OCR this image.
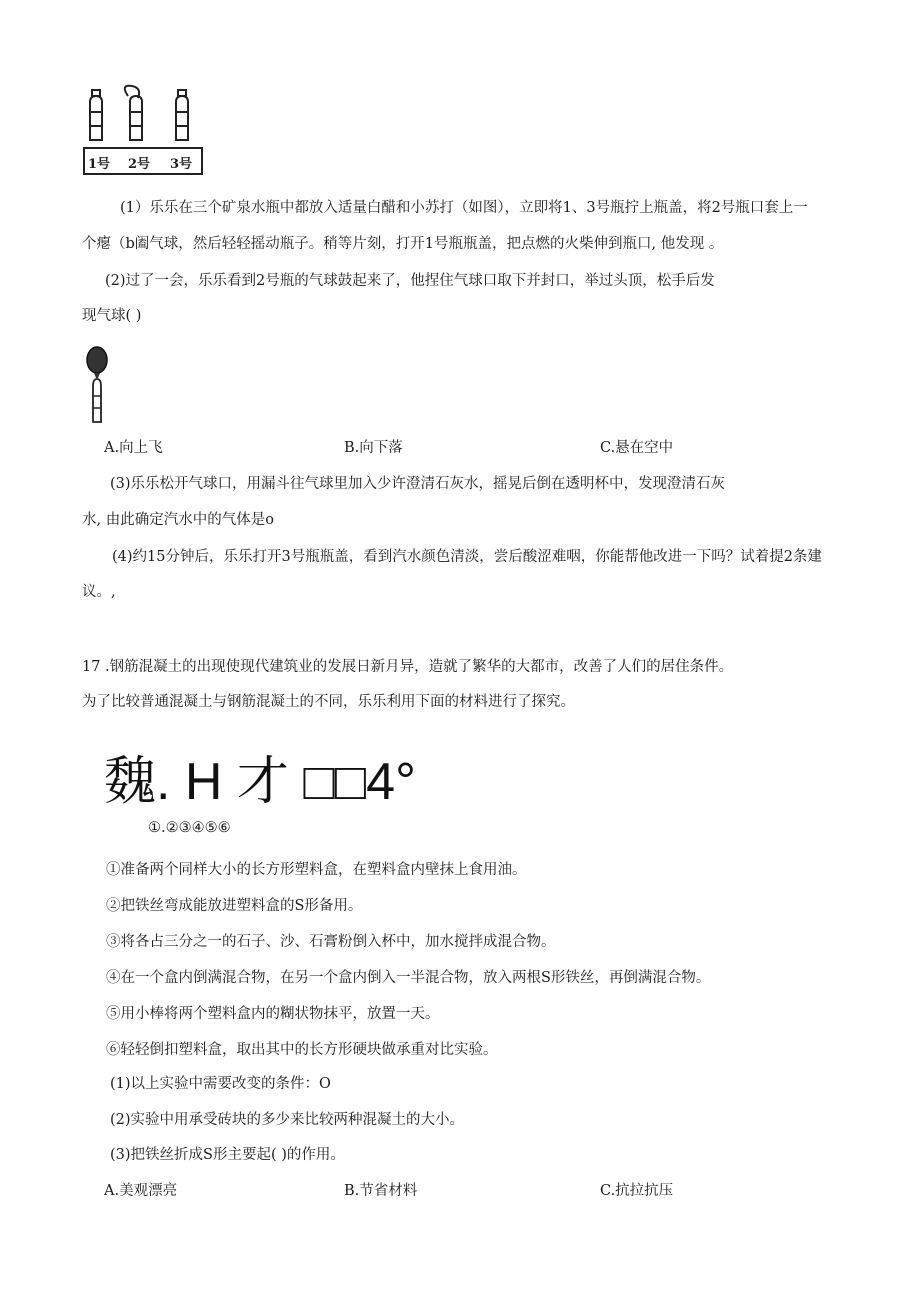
1号 2号 3号
(1）乐乐在三个矿泉水瓶中都放入适量白醋和小苏打（如图），立即将1、3号瓶拧上瓶盖，将2号瓶口套上一
个瘪（b阖气球，然后轻轻摇动瓶子。稍等片刻，打开1号瓶瓶盖，把点燃的火柴伸到瓶口, 他发现 。
(2)过了一会，乐乐看到2号瓶的气球鼓起来了，他捏住气球口取下并封口，举过头顶，松手后发
现气球( )
A.向上飞	B.向下落	C.悬在空中
(3)乐乐松开气球口，用漏斗往气球里加入少许澄清石灰水，摇晃后倒在透明杯中，发现澄清石灰
水, 由此确定汽水中的气体是o
(4)约15分钟后，乐乐打开3号瓶瓶盖，看到汽水颜色清淡，尝后酸涩难咽，你能帮他改进一下吗？试着提2条建
议。,
17 .钢筋混凝土的出现使现代建筑业的发展日新月异，造就了繁华的大都市，改善了人们的居住条件。
为了比较普通混凝土与钢筋混凝土的不同，乐乐利用下面的材料进行了探究。
魏. H 才 □□4°
①.②③④⑤⑥
①准备两个同样大小的长方形塑料盒，在塑料盒内壁抹上食用油。
②把铁丝弯成能放进塑料盒的S形备用。
③将各占三分之一的石子、沙、石膏粉倒入杯中，加水搅拌成混合物。
④在一个盒内倒满混合物，在另一个盒内倒入一半混合物，放入两根S形铁丝，再倒满混合物。
⑤用小棒将两个塑料盒内的糊状物抹平，放置一天。
⑥轻轻倒扣塑料盒，取出其中的长方形硬块做承重对比实验。
(1)以上实验中需要改变的条件：O
(2)实验中用承受砖块的多少来比较两种混凝土的大小。
(3)把铁丝折成S形主要起( )的作用。
A.美观漂亮	B.节省材料	C.抗拉抗压
